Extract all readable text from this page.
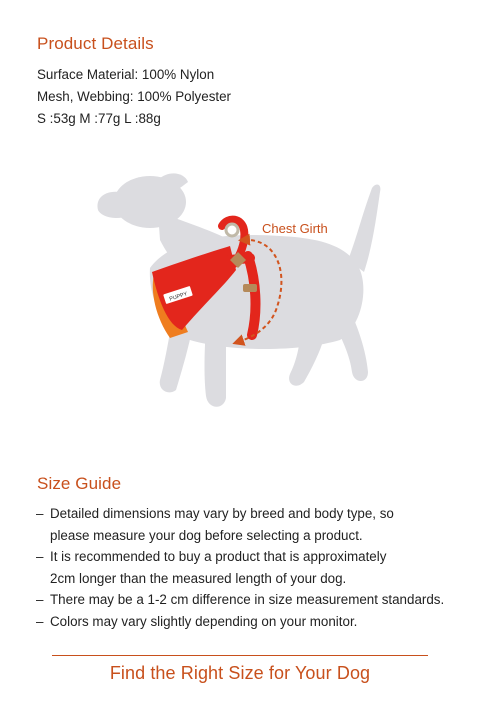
Product Details
Surface Material: 100% Nylon
Mesh, Webbing: 100% Polyester
S :53g M :77g L :88g
PUPPY
Chest Girth
Size Guide
– Detailed dimensions may vary by breed and body type, so
please measure your dog before selecting a product.
– It is recommended to buy a product that is approximately
2cm longer than the measured length of your dog.
– There may be a 1-2 cm difference in size measurement standards.
– Colors may vary slightly depending on your monitor.
Find the Right Size for Your Dog
